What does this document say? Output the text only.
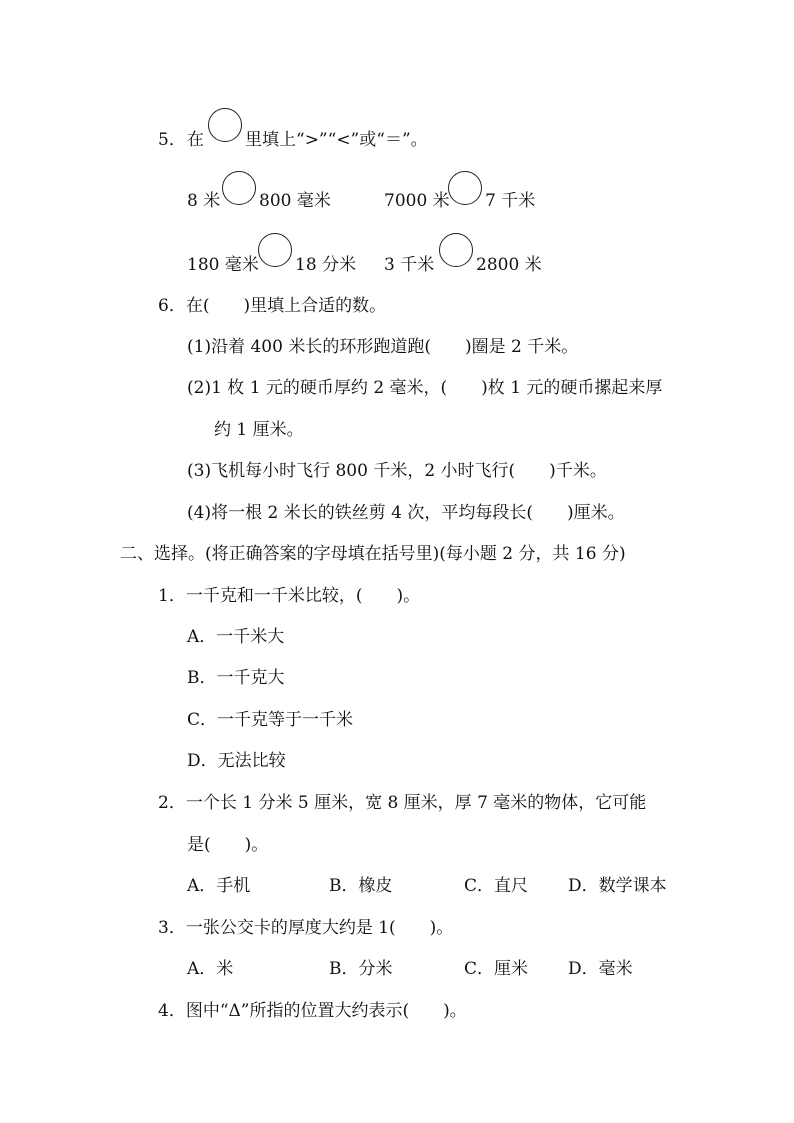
5． 在 里填上“>”“<”或“＝”。
8 米 800 毫米	7000 米 7 千米
180 毫米 18 分米 3 千米 2800 米
6．在(　　)里填上合适的数。
(1)沿着 400 米长的环形跑道跑(　　)圈是 2 千米。
(2)1 枚 1 元的硬币厚约 2 毫米，(　　)枚 1 元的硬币摞起来厚
约 1 厘米。
(3)飞机每小时飞行 800 千米，2 小时飞行(　　)千米。
(4)将一根 2 米长的铁丝剪 4 次，平均每段长(　　)厘米。
二、选择。(将正确答案的字母填在括号里)(每小题 2 分，共 16 分)
1．一千克和一千米比较，(　　)。
A．一千米大
B．一千克大
C．一千克等于一千米
D．无法比较
2．一个长 1 分米 5 厘米，宽 8 厘米，厚 7 毫米的物体，它可能
是(　　)。
A．手机	B．橡皮	C．直尺 D．数学课本
3．一张公交卡的厚度大约是 1(　　)。
A．米	B．分米	C．厘米 D．毫米
4．图中“Δ”所指的位置大约表示(　　)。
